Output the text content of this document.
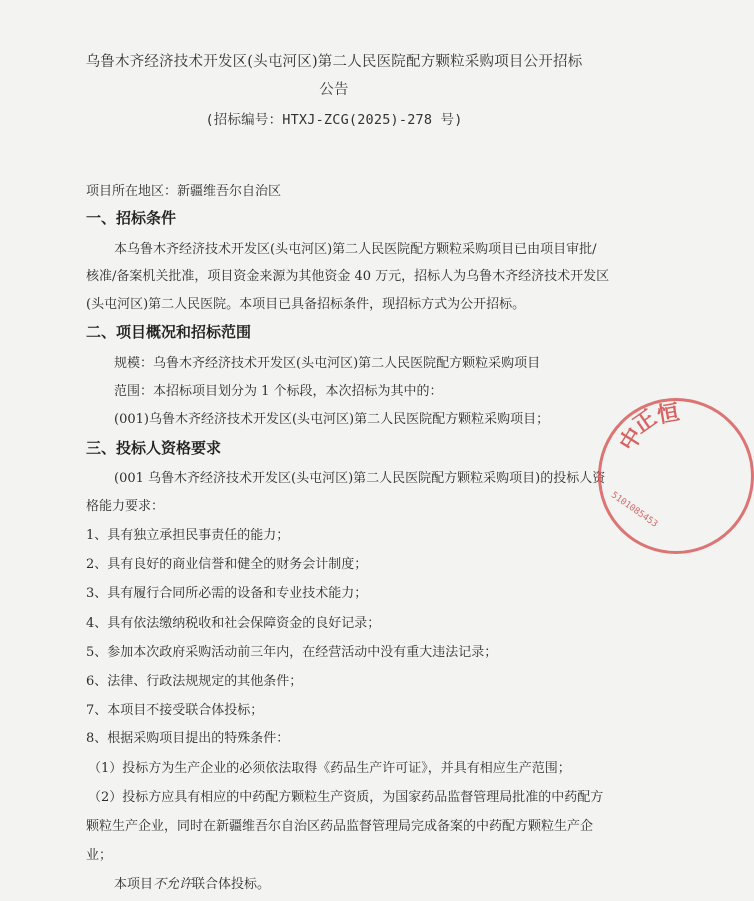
乌鲁木齐经济技术开发区(头屯河区)第二人民医院配方颗粒采购项目公开招标
公告
(招标编号：HTXJ-ZCG(2025)-278 号)
项目所在地区：新疆维吾尔自治区
一、招标条件
本乌鲁木齐经济技术开发区(头屯河区)第二人民医院配方颗粒采购项目已由项目审批/
核准/备案机关批准，项目资金来源为其他资金 40 万元，招标人为乌鲁木齐经济技术开发区
(头屯河区)第二人民医院。本项目已具备招标条件，现招标方式为公开招标。
二、项目概况和招标范围
规模：乌鲁木齐经济技术开发区(头屯河区)第二人民医院配方颗粒采购项目
范围：本招标项目划分为 1 个标段，本次招标为其中的：
(001)乌鲁木齐经济技术开发区(头屯河区)第二人民医院配方颗粒采购项目；
三、投标人资格要求
(001 乌鲁木齐经济技术开发区(头屯河区)第二人民医院配方颗粒采购项目)的投标人资
格能力要求：
1、具有独立承担民事责任的能力；
2、具有良好的商业信誉和健全的财务会计制度；
3、具有履行合同所必需的设备和专业技术能力；
4、具有依法缴纳税收和社会保障资金的良好记录；
5、参加本次政府采购活动前三年内，在经营活动中没有重大违法记录；
6、法律、行政法规规定的其他条件；
7、本项目不接受联合体投标；
8、根据采购项目提出的特殊条件：
（1）投标方为生产企业的必须依法取得《药品生产许可证》，并具有相应生产范围；
（2）投标方应具有相应的中药配方颗粒生产资质，为国家药品监督管理局批准的中药配方
颗粒生产企业，同时在新疆维吾尔自治区药品监督管理局完成备案的中药配方颗粒生产企
业；
本项目不允许联合体投标。
中
正
恒
5101085453
